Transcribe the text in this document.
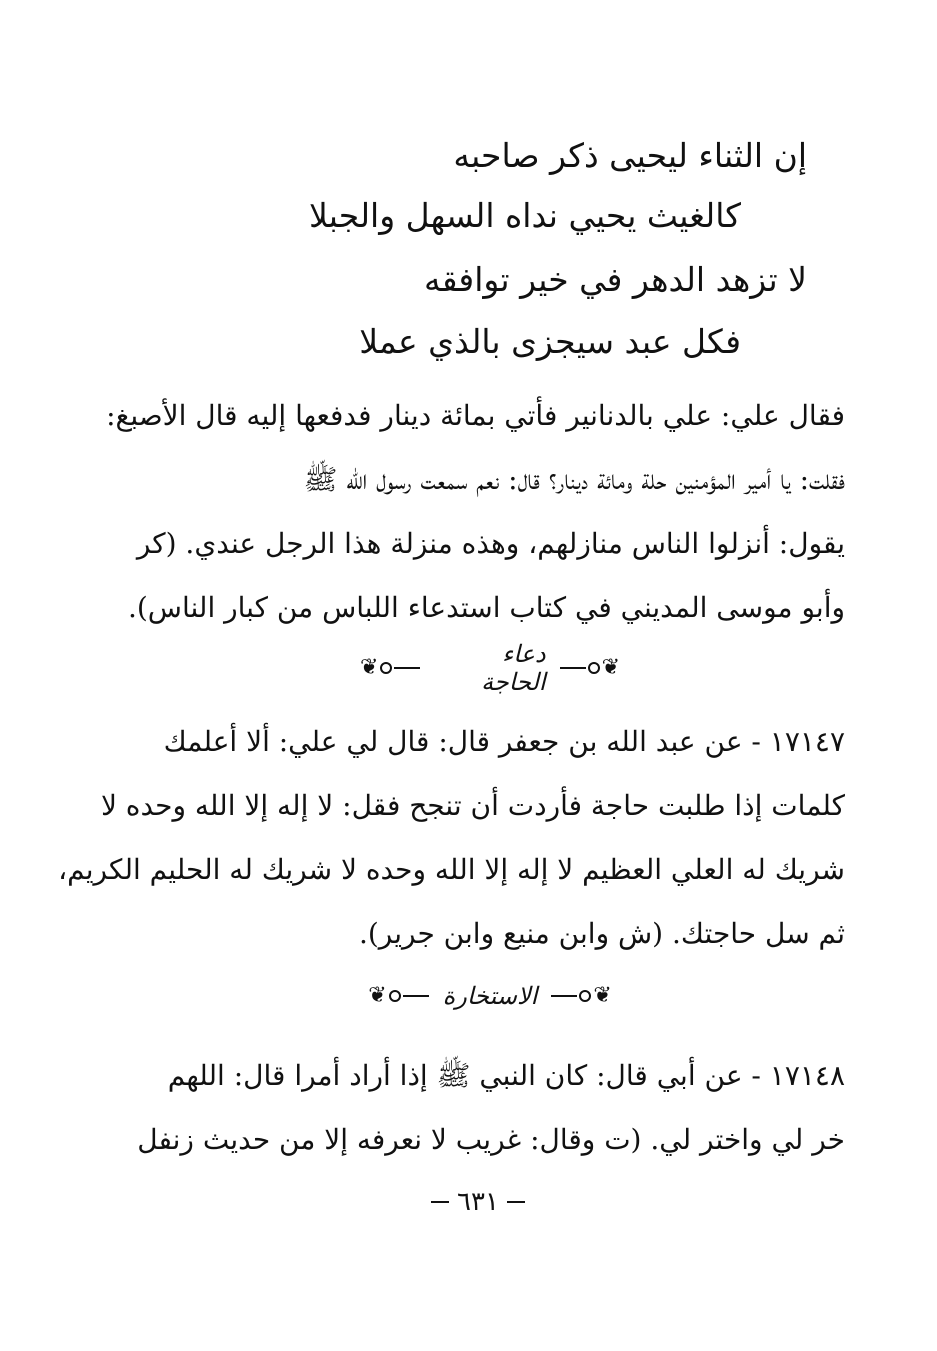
إن الثناء ليحيى ذكر صاحبه
كالغيث يحيي نداه السهل والجبلا
لا تزهد الدهر في خير توافقه
فكل عبد سيجزى بالذي عملا
فقال علي: علي بالدنانير فأتي بمائة دينار فدفعها إليه قال الأصبغ:
فقلت: يا أمير المؤمنين حلة ومائة دينار؟ قال: نعم سمعت رسول الله ﷺ
يقول: أنزلوا الناس منازلهم، وهذه منزلة هذا الرجل عندي. (كر
وأبو موسى المديني في كتاب استدعاء اللباس من كبار الناس).
❦
دعاء الحاجة
❦
١٧١٤٧ - عن عبد الله بن جعفر قال: قال لي علي: ألا أعلمك
كلمات إذا طلبت حاجة فأردت أن تنجح فقل: لا إله إلا الله وحده لا
شريك له العلي العظيم لا إله إلا الله وحده لا شريك له الحليم الكريم،
ثم سل حاجتك. (ش وابن منيع وابن جرير).
❦
الاستخارة
❦
١٧١٤٨ - عن أبي قال: كان النبي ﷺ إذا أراد أمرا قال: اللهم
خر لي واختر لي. (ت وقال: غريب لا نعرفه إلا من حديث زنفل
٦٣١
